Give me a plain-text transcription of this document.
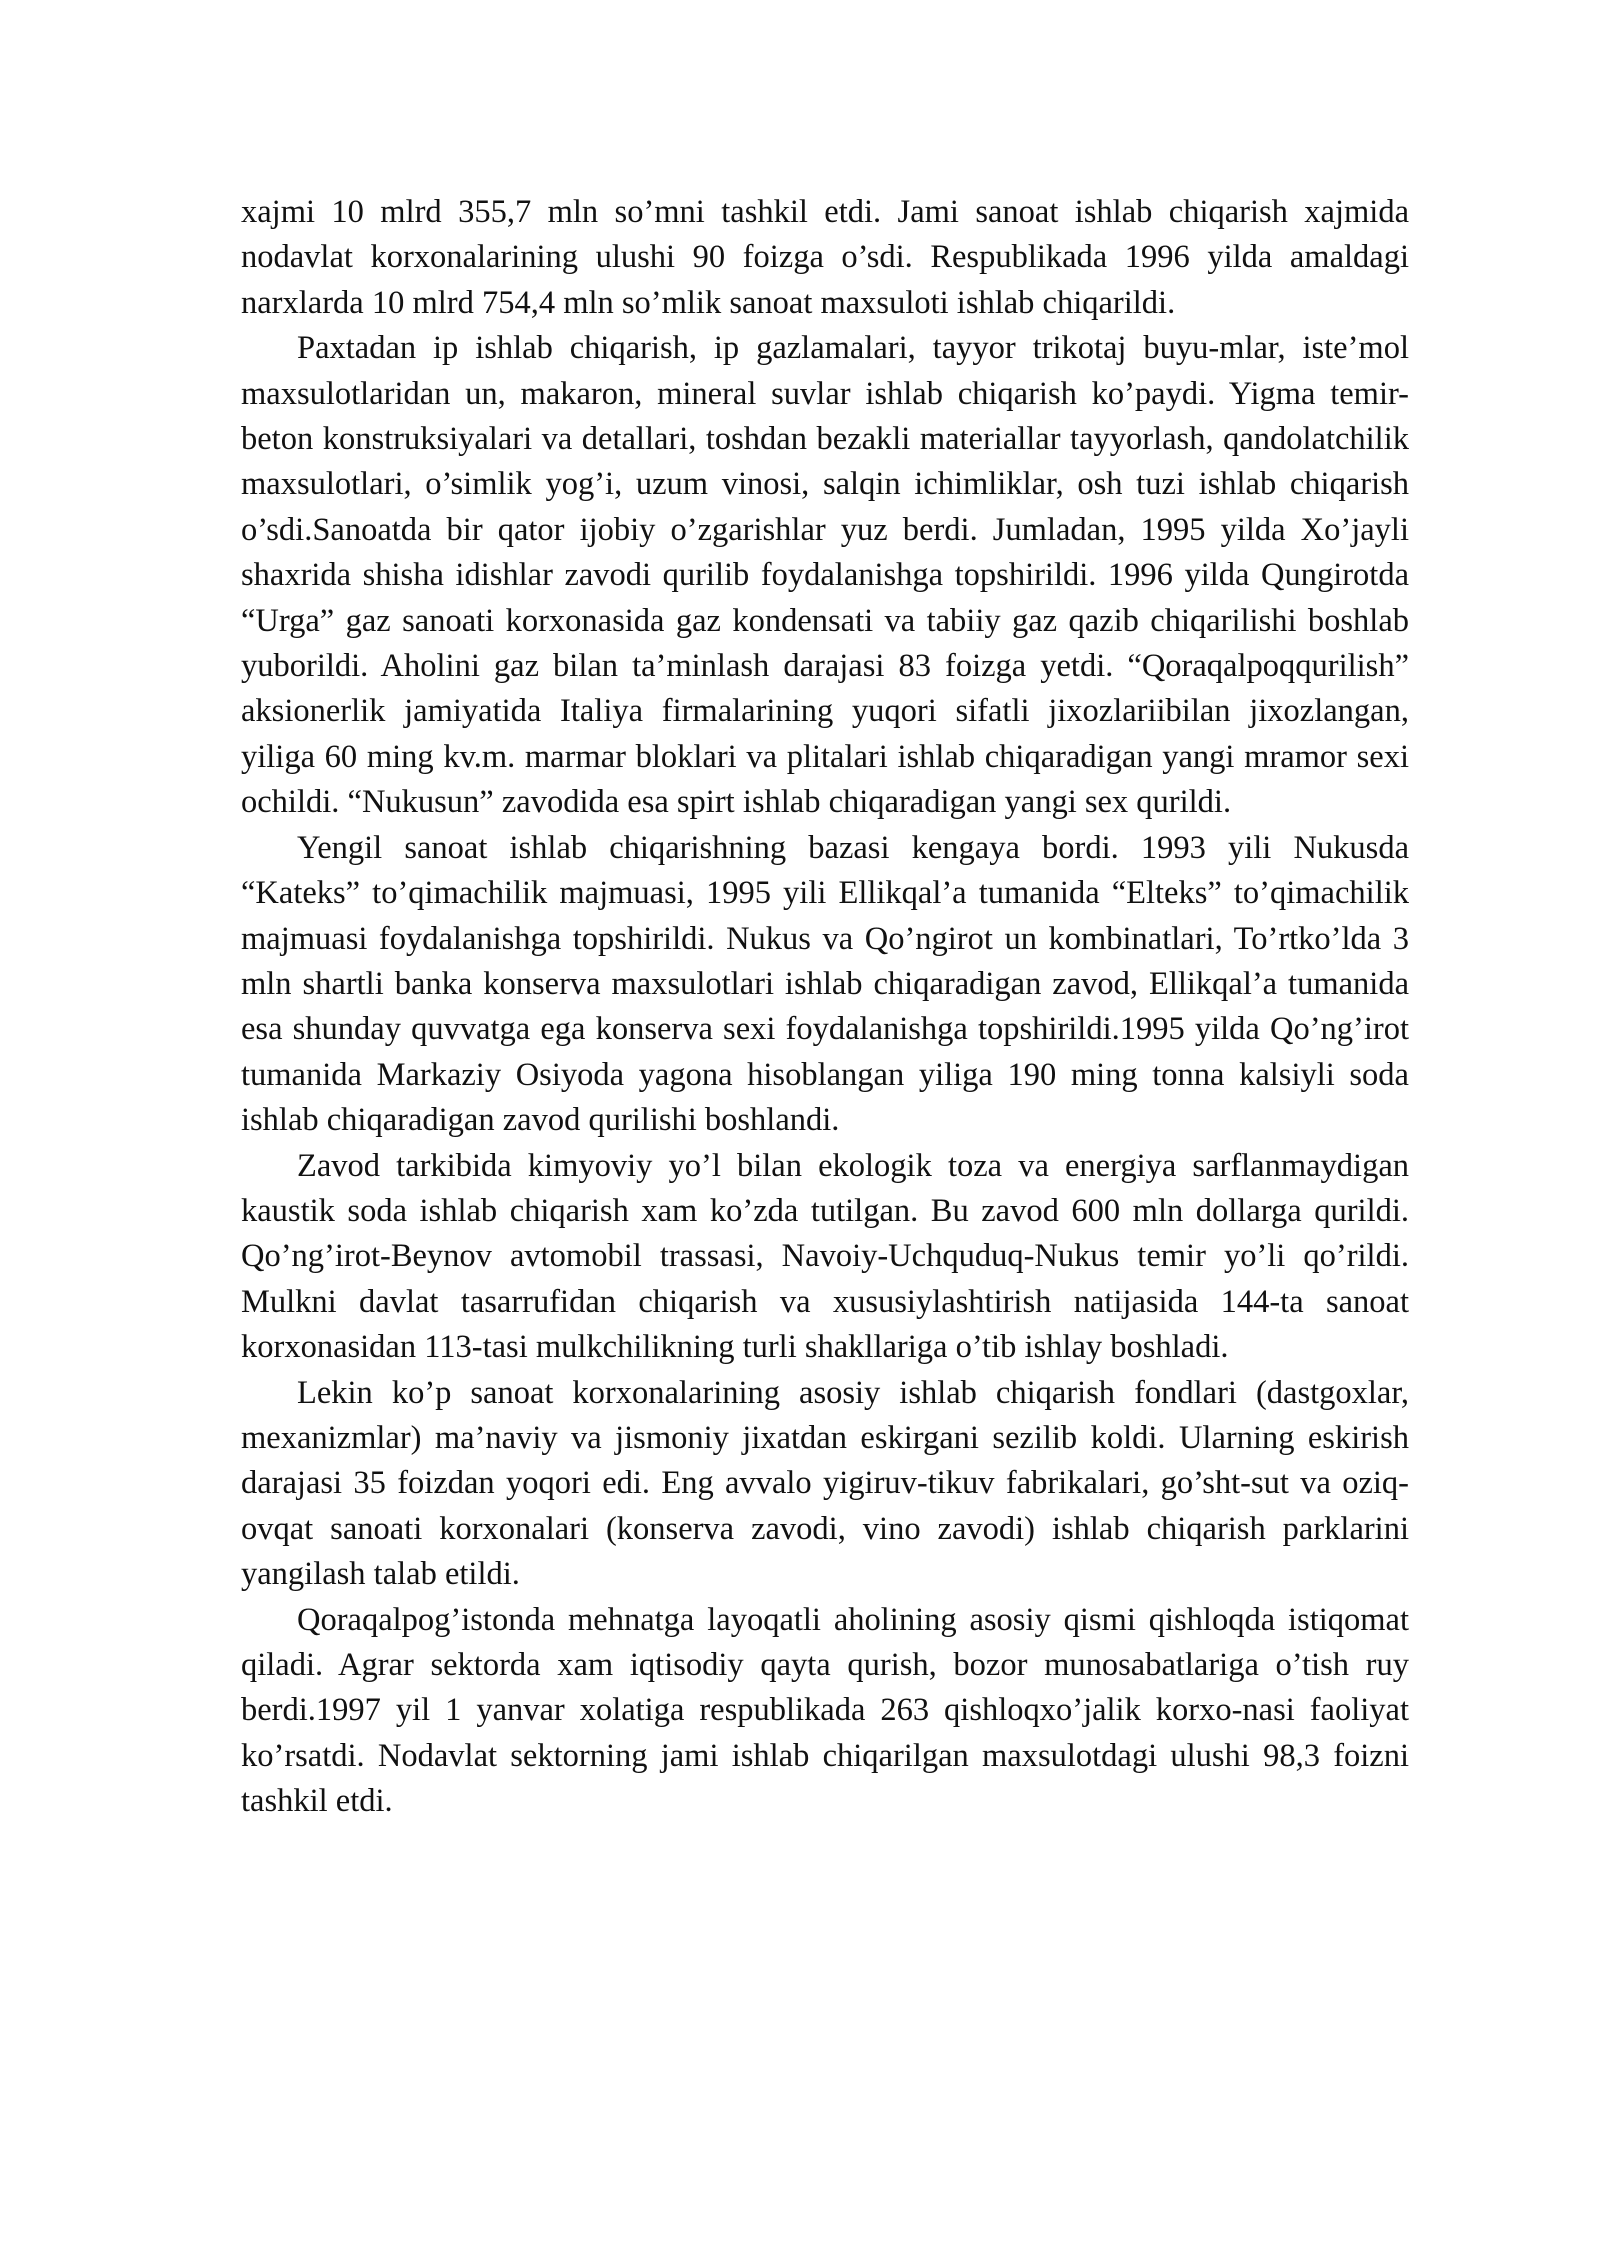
xajmi 10 mlrd 355,7 mln so’mni tashkil etdi. Jami sanoat ishlab chiqarish xajmida nodavlat korxonalarining ulushi 90 foizga o’sdi. Respublikada 1996 yilda amaldagi narxlarda 10 mlrd 754,4 mln so’mlik sanoat maxsuloti ishlab chiqarildi.

Paxtadan ip ishlab chiqarish, ip gazlamalari, tayyor trikotaj buyu-mlar, iste’mol maxsulotlaridan un, makaron, mineral suvlar ishlab chiqarish ko’paydi. Yigma temir-beton konstruksiyalari va detallari, toshdan bezakli materiallar tayyorlash, qandolatchilik maxsulotlari, o’simlik yog’i, uzum vinosi, salqin ichimliklar, osh tuzi ishlab chiqarish o’sdi.Sanoatda bir qator ijobiy o’zgarishlar yuz berdi. Jumladan, 1995 yilda Xo’jayli shaxrida shisha idishlar zavodi qurilib foydalanishga topshirildi. 1996 yilda Qungirotda “Urga” gaz sanoati korxonasida gaz kondensati va tabiiy gaz qazib chiqarilishi boshlab yuborildi. Aholini gaz bilan ta’minlash darajasi 83 foizga yetdi. “Qoraqalpoqqurilish” aksionerlik jamiyatida Italiya firmalarining yuqori sifatli jixozlariibilan jixozlangan, yiliga 60 ming kv.m. marmar bloklari va plitalari ishlab chiqaradigan yangi mramor sexi ochildi. “Nukusun” zavodida esa spirt ishlab chiqaradigan yangi sex qurildi.

Yengil sanoat ishlab chiqarishning bazasi kengaya bordi. 1993 yili Nukusda “Kateks” to’qimachilik majmuasi, 1995 yili Ellikqal’a tumanida “Elteks” to’qimachilik majmuasi foydalanishga topshirildi. Nukus va Qo’ngirot un kombinatlari, To’rtko’lda 3 mln shartli banka konserva maxsulotlari ishlab chiqaradigan zavod, Ellikqal’a tumanida esa shunday quvvatga ega konserva sexi foydalanishga topshirildi.1995 yilda Qo’ng’irot tumanida Markaziy Osiyoda yagona hisoblangan yiliga 190 ming tonna kalsiyli soda ishlab chiqaradigan zavod qurilishi boshlandi.

Zavod tarkibida kimyoviy yo’l bilan ekologik toza va energiya sarflanmaydigan kaustik soda ishlab chiqarish xam ko’zda tutilgan. Bu zavod 600 mln dollarga qurildi. Qo’ng’irot-Beynov avtomobil trassasi, Navoiy-Uchquduq-Nukus temir yo’li qo’rildi. Mulkni davlat tasarrufidan chiqarish va xususiylashtirish natijasida 144-ta sanoat korxonasidan 113-tasi mulkchilikning turli shakllariga o’tib ishlay boshladi.

Lekin ko’p sanoat korxonalarining asosiy ishlab chiqarish fondlari (dastgoxlar, mexanizmlar) ma’naviy va jismoniy jixatdan eskirgani sezilib koldi. Ularning eskirish darajasi 35 foizdan yoqori edi. Eng avvalo yigiruv-tikuv fabrikalari, go’sht-sut va oziq-ovqat sanoati korxonalari (konserva zavodi, vino zavodi) ishlab chiqarish parklarini yangilash talab etildi.

Qoraqalpog’istonda mehnatga layoqatli aholining asosiy qismi qishloqda istiqomat qiladi. Agrar sektorda xam iqtisodiy qayta qurish, bozor munosabatlariga o’tish ruy berdi.1997 yil 1 yanvar xolatiga respublikada 263 qishloqxo’jalik korxo-nasi faoliyat ko’rsatdi. Nodavlat sektorning jami ishlab chiqarilgan maxsulotdagi ulushi 98,3 foizni tashkil etdi.
